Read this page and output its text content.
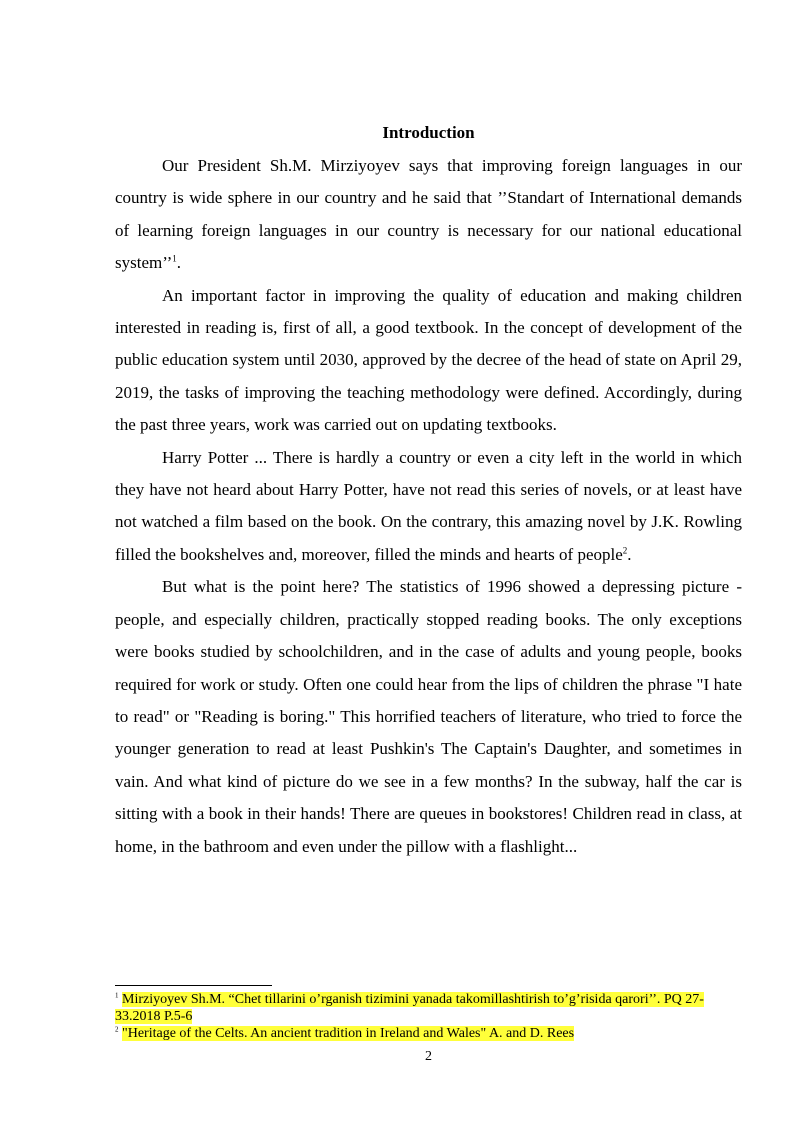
Introduction

Our President Sh.M. Mirziyoyev says that improving foreign languages in our country is wide sphere in our country and he said that ’’Standart of International demands of learning foreign languages in our country is necessary for our national educational system’’$^1$.

An important factor in improving the quality of education and making children interested in reading is, first of all, a good textbook. In the concept of development of the public education system until 2030, approved by the decree of the head of state on April 29, 2019, the tasks of improving the teaching methodology were defined. Accordingly, during the past three years, work was carried out on updating textbooks.

Harry Potter ... There is hardly a country or even a city left in the world in which they have not heard about Harry Potter, have not read this series of novels, or at least have not watched a film based on the book. On the contrary, this amazing novel by J.K. Rowling filled the bookshelves and, moreover, filled the minds and hearts of people$^2$.

But what is the point here? The statistics of 1996 showed a depressing picture - people, and especially children, practically stopped reading books. The only exceptions were books studied by schoolchildren, and in the case of adults and young people, books required for work or study. Often one could hear from the lips of children the phrase "I hate to read" or "Reading is boring." This horrified teachers of literature, who tried to force the younger generation to read at least Pushkin's The Captain's Daughter, and sometimes in vain. And what kind of picture do we see in a few months? In the subway, half the car is sitting with a book in their hands! There are queues in bookstores! Children read in class, at home, in the bathroom and even under the pillow with a flashlight...

$^1$ Mirziyoyev Sh.M. “Chet tillarini o’rganish tizimini yanada takomillashtirish to’g’risida qarori’’. PQ 27-33.2018 P.5-6

$^2$ "Heritage of the Celts. An ancient tradition in Ireland and Wales" A. and D. Rees

2
